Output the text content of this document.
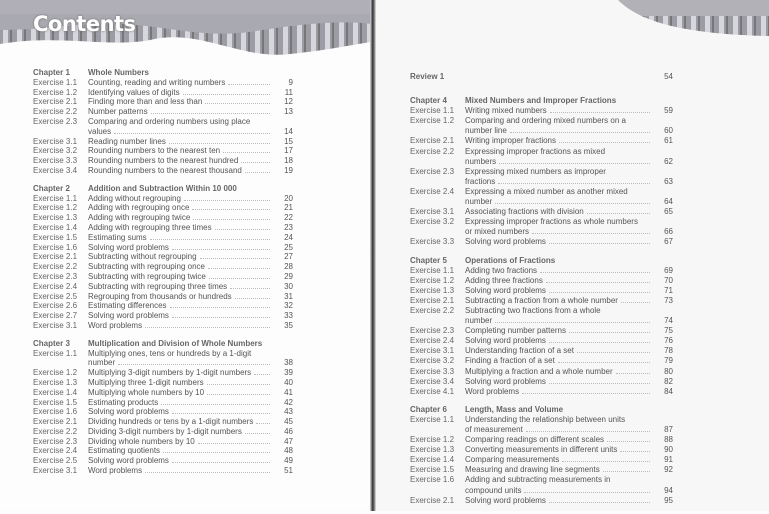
Contents
Chapter 1 Whole Numbers
Exercise 1.1 Counting, reading and writing numbers	9
Exercise 1.2 Identifying values of digits	11
Exercise 2.1 Finding more than and less than	12
Exercise 2.2 Number patterns	13
Exercise 2.3 Comparing and ordering numbers using place
values	14
Exercise 3.1 Reading number lines	15
Exercise 3.2 Rounding numbers to the nearest ten	17
Exercise 3.3 Rounding numbers to the nearest hundred	18
Exercise 3.4 Rounding numbers to the nearest thousand	19
Chapter 2 Addition and Subtraction Within 10 000
Exercise 1.1 Adding without regrouping	20
Exercise 1.2 Adding with regrouping once	21
Exercise 1.3 Adding with regrouping twice	22
Exercise 1.4 Adding with regrouping three times	23
Exercise 1.5 Estimating sums	24
Exercise 1.6 Solving word problems	25
Exercise 2.1 Subtracting without regrouping	27
Exercise 2.2 Subtracting with regrouping once	28
Exercise 2.3 Subtracting with regrouping twice	29
Exercise 2.4 Subtracting with regrouping three times	30
Exercise 2.5 Regrouping from thousands or hundreds	31
Exercise 2.6 Estimating differences	32
Exercise 2.7 Solving word problems	33
Exercise 3.1 Word problems	35
Chapter 3 Multiplication and Division of Whole Numbers
Exercise 1.1 Multiplying ones, tens or hundreds by a 1-digit
number	38
Exercise 1.2 Multiplying 3-digit numbers by 1-digit numbers	39
Exercise 1.3 Multiplying three 1-digit numbers	40
Exercise 1.4 Multiplying whole numbers by 10	41
Exercise 1.5 Estimating products	42
Exercise 1.6 Solving word problems	43
Exercise 2.1 Dividing hundreds or tens by a 1-digit numbers	45
Exercise 2.2 Dividing 3-digit numbers by 1-digit numbers	46
Exercise 2.3 Dividing whole numbers by 10	47
Exercise 2.4 Estimating quotients	48
Exercise 2.5 Solving word problems	49
Exercise 3.1 Word problems	51
Review 1	54
Chapter 4 Mixed Numbers and Improper Fractions
Exercise 1.1 Writing mixed numbers	59
Exercise 1.2 Comparing and ordering mixed numbers on a
number line	60
Exercise 2.1 Writing improper fractions	61
Exercise 2.2 Expressing improper fractions as mixed
numbers	62
Exercise 2.3 Expressing mixed numbers as improper
fractions	63
Exercise 2.4 Expressing a mixed number as another mixed
number	64
Exercise 3.1 Associating fractions with division	65
Exercise 3.2 Expressing improper fractions as whole numbers
or mixed numbers	66
Exercise 3.3 Solving word problems	67
Chapter 5 Operations of Fractions
Exercise 1.1 Adding two fractions	69
Exercise 1.2 Adding three fractions	70
Exercise 1.3 Solving word problems	71
Exercise 2.1 Subtracting a fraction from a whole number	73
Exercise 2.2 Subtracting two fractions from a whole
number	74
Exercise 2.3 Completing number patterns	75
Exercise 2.4 Solving word problems	76
Exercise 3.1 Understanding fraction of a set	78
Exercise 3.2 Finding a fraction of a set	79
Exercise 3.3 Multiplying a fraction and a whole number	80
Exercise 3.4 Solving word problems	82
Exercise 4.1 Word problems	84
Chapter 6 Length, Mass and Volume
Exercise 1.1 Understanding the relationship between units
of measurement	87
Exercise 1.2 Comparing readings on different scales	88
Exercise 1.3 Converting measurements in different units	90
Exercise 1.4 Comparing measurements	91
Exercise 1.5 Measuring and drawing line segments	92
Exercise 1.6 Adding and subtracting measurements in
compound units	94
Exercise 2.1 Solving word problems	95
